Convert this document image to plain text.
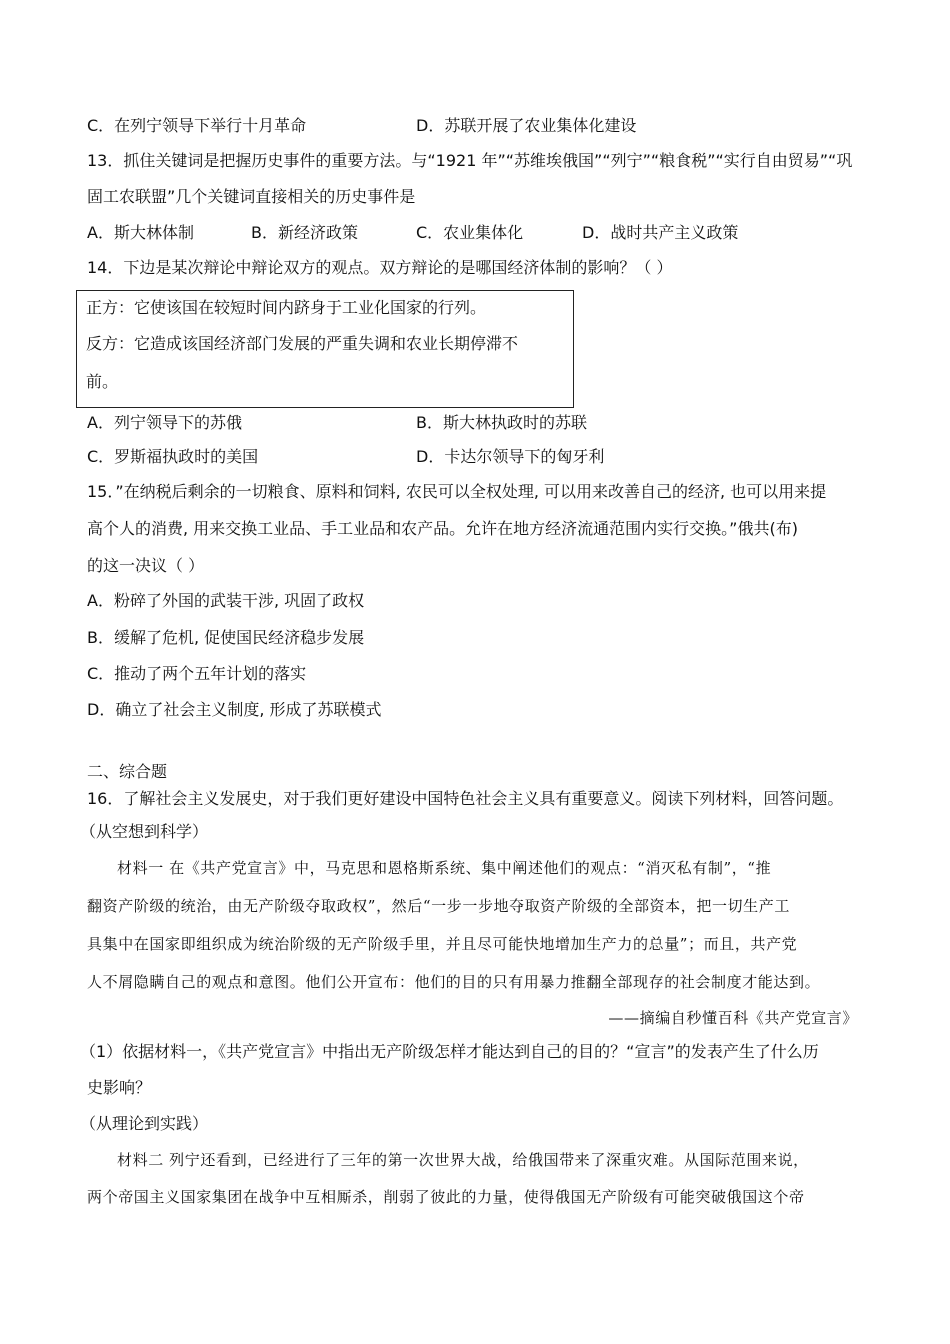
C．在列宁领导下举行十月革命	D．苏联开展了农业集体化建设
13．抓住关键词是把握历史事件的重要方法。与“1921 年”“苏维埃俄国”“列宁”“粮食税”“实行自由贸易”“巩
固工农联盟”几个关键词直接相关的历史事件是
A．斯大林体制	B．新经济政策	C．农业集体化	D．战时共产主义政策
14．下边是某次辩论中辩论双方的观点。双方辩论的是哪国经济体制的影响？（ ）
正方：它使该国在较短时间内跻身于工业化国家的行列。
反方：它造成该国经济部门发展的严重失调和农业长期停滞不
前。
A．列宁领导下的苏俄	B．斯大林执政时的苏联
C．罗斯福执政时的美国	D．卡达尔领导下的匈牙利
15．”在纳税后剩余的一切粮食、原料和饲料, 农民可以全权处理, 可以用来改善自己的经济, 也可以用来提
高个人的消费, 用来交换工业品、手工业品和农产品。允许在地方经济流通范围内实行交换。”俄共(布)
的这一决议（ ）
A．粉碎了外国的武装干涉, 巩固了政权
B．缓解了危机, 促使国民经济稳步发展
C．推动了两个五年计划的落实
D．确立了社会主义制度, 形成了苏联模式
二、综合题
16．了解社会主义发展史，对于我们更好建设中国特色社会主义具有重要意义。阅读下列材料，回答问题。
（从空想到科学）
材料一 在《共产党宣言》中，马克思和恩格斯系统、集中阐述他们的观点：“消灭私有制”，“推
翻资产阶级的统治，由无产阶级夺取政权”，然后“一步一步地夺取资产阶级的全部资本，把一切生产工
具集中在国家即组织成为统治阶级的无产阶级手里，并且尽可能快地增加生产力的总量”；而且，共产党
人不屑隐瞒自己的观点和意图。他们公开宣布：他们的目的只有用暴力推翻全部现存的社会制度才能达到。
——摘编自秒懂百科《共产党宣言》
（1）依据材料一，《共产党宣言》中指出无产阶级怎样才能达到自己的目的？“宣言”的发表产生了什么历
史影响？
（从理论到实践）
材料二 列宁还看到，已经进行了三年的第一次世界大战，给俄国带来了深重灾难。从国际范围来说，
两个帝国主义国家集团在战争中互相厮杀，削弱了彼此的力量，使得俄国无产阶级有可能突破俄国这个帝
